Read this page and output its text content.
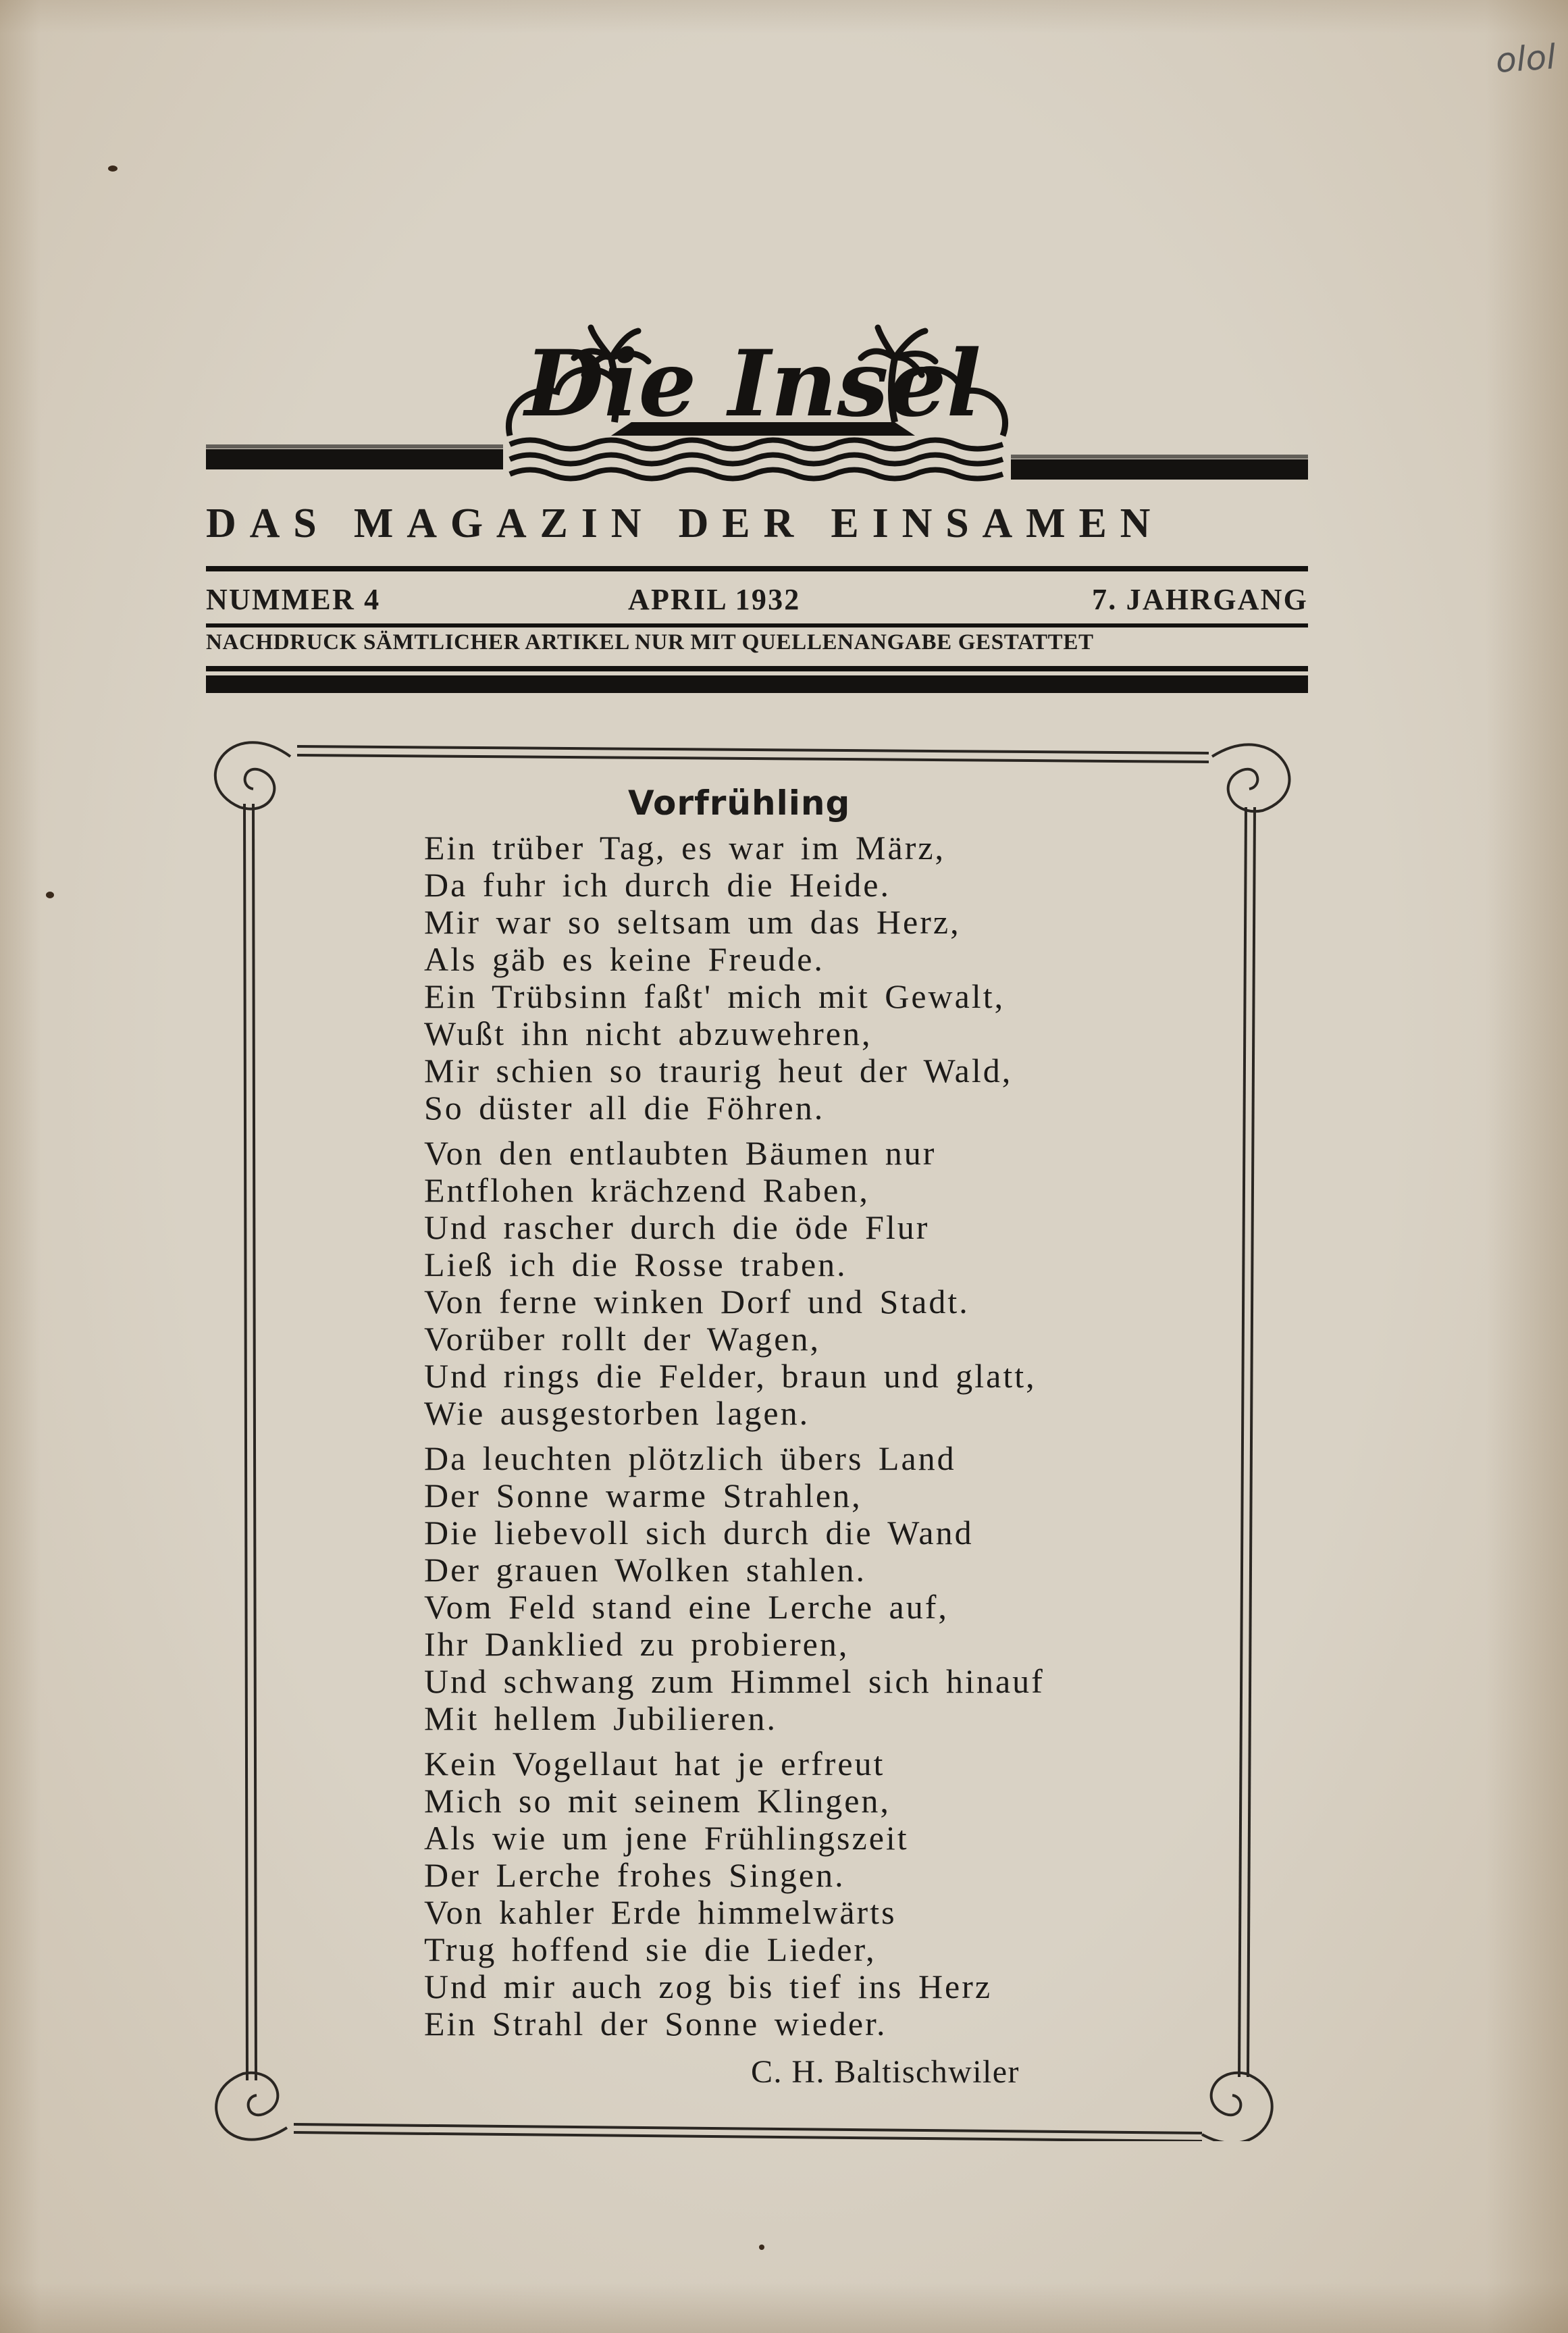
olol
Die Insel
DAS MAGAZIN DER EINSAMEN
NUMMER 4	APRIL 1932	7. JAHRGANG
NACHDRUCK SÄMTLICHER ARTIKEL NUR MIT QUELLENANGABE GESTATTET
Vorfrühling
Ein trüber Tag, es war im März,
Da fuhr ich durch die Heide.
Mir war so seltsam um das Herz,
Als gäb es keine Freude.
Ein Trübsinn faßt' mich mit Gewalt,
Wußt ihn nicht abzuwehren,
Mir schien so traurig heut der Wald,
So düster all die Föhren.
Von den entlaubten Bäumen nur
Entflohen krächzend Raben,
Und rascher durch die öde Flur
Ließ ich die Rosse traben.
Von ferne winken Dorf und Stadt.
Vorüber rollt der Wagen,
Und rings die Felder, braun und glatt,
Wie ausgestorben lagen.
Da leuchten plötzlich übers Land
Der Sonne warme Strahlen,
Die liebevoll sich durch die Wand
Der grauen Wolken stahlen.
Vom Feld stand eine Lerche auf,
Ihr Danklied zu probieren,
Und schwang zum Himmel sich hinauf
Mit hellem Jubilieren.
Kein Vogellaut hat je erfreut
Mich so mit seinem Klingen,
Als wie um jene Frühlingszeit
Der Lerche frohes Singen.
Von kahler Erde himmelwärts
Trug hoffend sie die Lieder,
Und mir auch zog bis tief ins Herz
Ein Strahl der Sonne wieder.
C. H. Baltischwiler
